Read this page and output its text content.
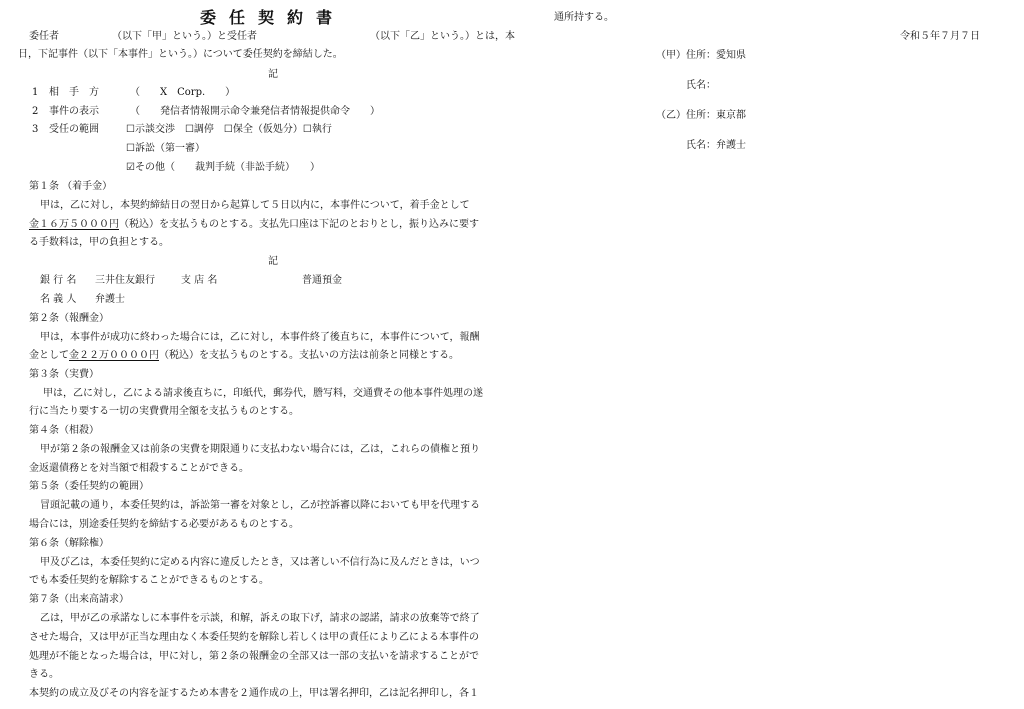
委任契約書
委任者	（以下「甲」という。）と受任者	（以下「乙」という。）とは，本
日，下記事件（以下「本事件」という。）について委任契約を締結した。
記
1 相　手　方	（　　X　Corp.　　）
2 事件の表示	（　　発信者情報開示命令兼発信者情報提供命令　　）
3 受任の範囲	☐示談交渉　☐調停　☐保全（仮処分）☐執行
☐訴訟（第一審）
☑その他（　　裁判手続（非訟手続）　　）
第１条 （着手金）
甲は，乙に対し，本契約締結日の翌日から起算して５日以内に，本事件について，着手金として
金１６万５０００円（税込）を支払うものとする。支払先口座は下記のとおりとし，振り込みに要す
る手数料は，甲の負担とする。
記
銀 行 名 三井住友銀行	支 店 名	普通預金
名 義 人 弁護士
第２条（報酬金）
甲は，本事件が成功に終わった場合には，乙に対し，本事件終了後直ちに，本事件について，報酬
金として金２２万００００円（税込）を支払うものとする。支払いの方法は前条と同様とする。
第３条（実費）
甲は，乙に対し，乙による請求後直ちに，印紙代，郵券代，謄写料，交通費その他本事件処理の遂
行に当たり要する一切の実費費用全額を支払うものとする。
第４条（相殺）
甲が第２条の報酬金又は前条の実費を期限通りに支払わない場合には，乙は，これらの債権と預り
金返還債務とを対当額で相殺することができる。
第５条（委任契約の範囲）
冒頭記載の通り，本委任契約は，訴訟第一審を対象とし，乙が控訴審以降においても甲を代理する
場合には，別途委任契約を締結する必要があるものとする。
第６条（解除権）
甲及び乙は，本委任契約に定める内容に違反したとき，又は著しい不信行為に及んだときは，いつ
でも本委任契約を解除することができるものとする。
第７条（出来高請求）
乙は，甲が乙の承諾なしに本事件を示談，和解，訴えの取下げ，請求の認諾，請求の放棄等で終了
させた場合，又は甲が正当な理由なく本委任契約を解除し若しくは甲の責任により乙による本事件の
処理が不能となった場合は，甲に対し，第２条の報酬金の全部又は一部の支払いを請求することがで
きる。
本契約の成立及びその内容を証するため本書を２通作成の上，甲は署名押印，乙は記名押印し，各１
通所持する。
令和５年７月７日
（甲）住所：愛知県
氏名：
（乙）住所：東京都
氏名：弁護士
